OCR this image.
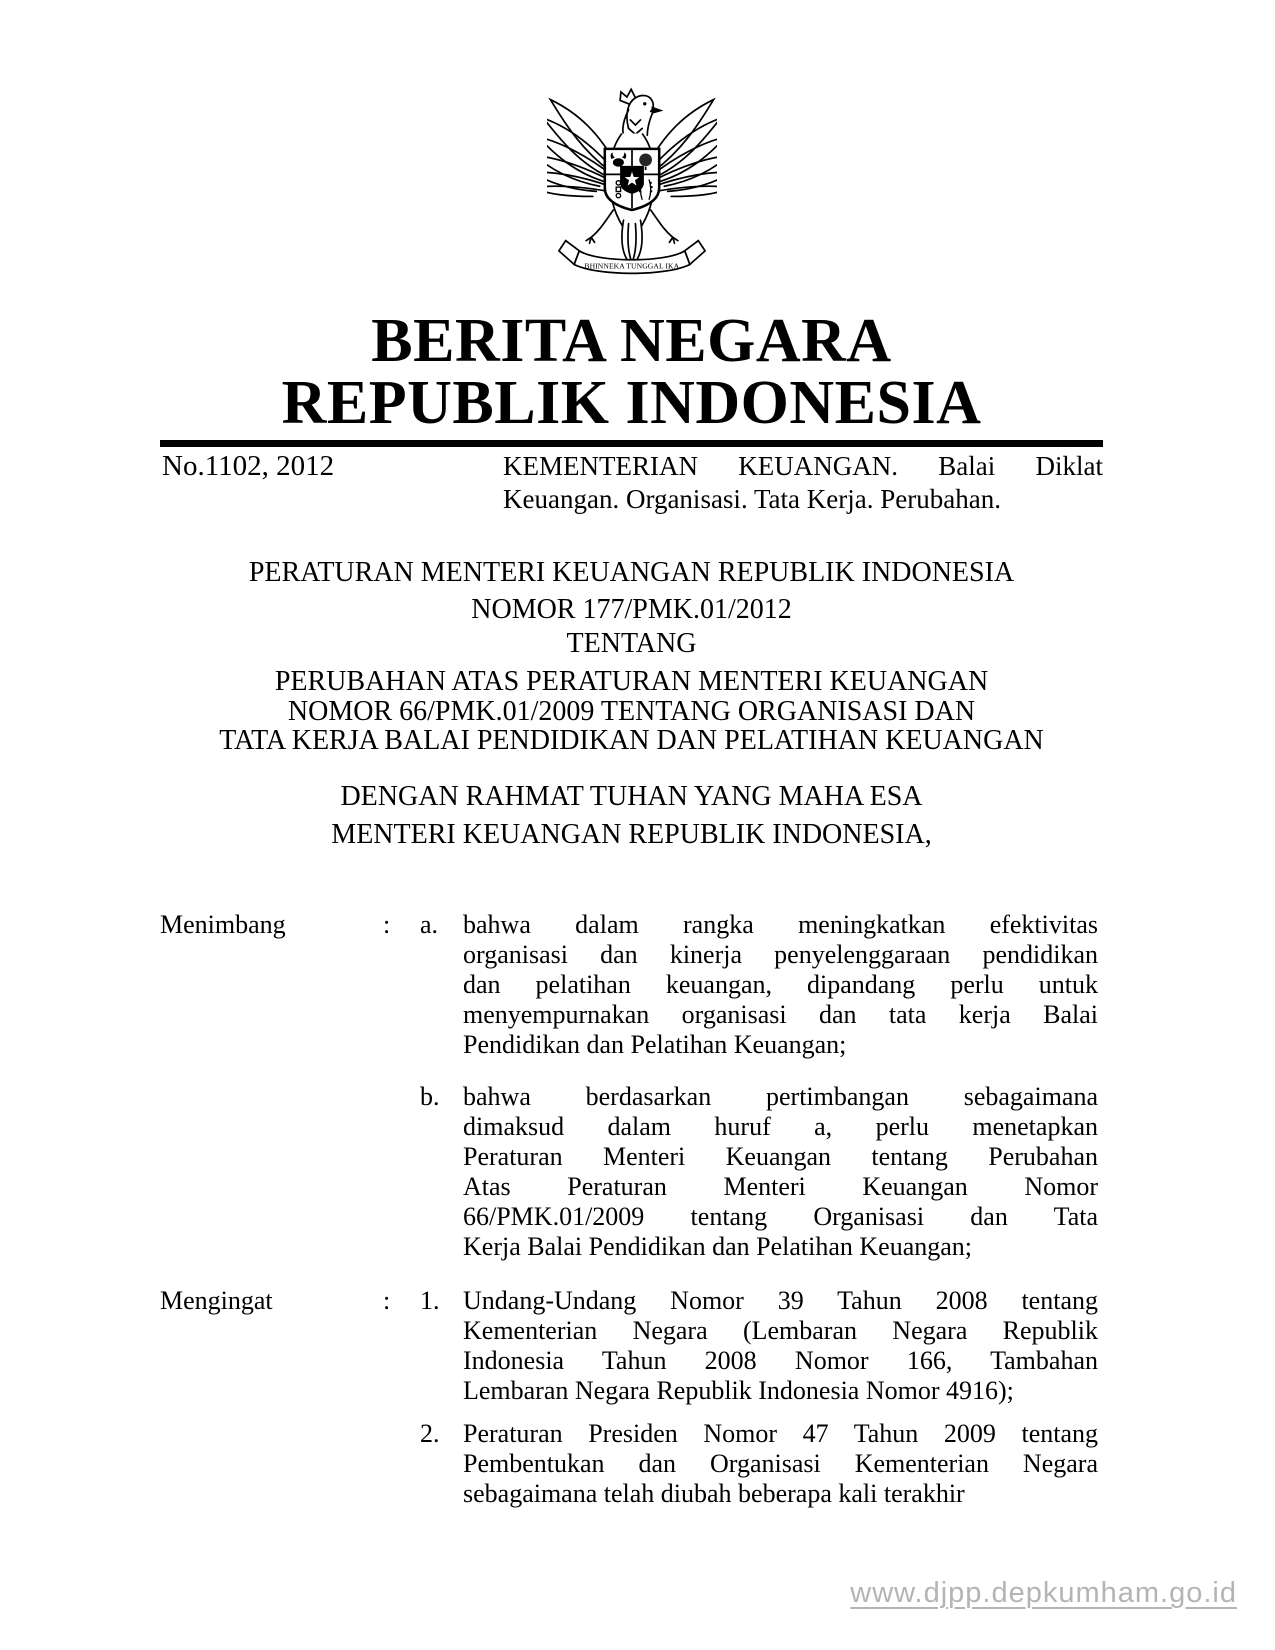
BHINNEKA TUNGGAL IKA
BERITA NEGARA
REPUBLIK INDONESIA
No.1102, 2012	KEMENTERIAN KEUANGAN. Balai Diklat
Keuangan. Organisasi. Tata Kerja. Perubahan.
PERATURAN MENTERI KEUANGAN REPUBLIK INDONESIA
NOMOR 177/PMK.01/2012
TENTANG
PERUBAHAN ATAS PERATURAN MENTERI KEUANGAN
NOMOR 66/PMK.01/2009 TENTANG ORGANISASI DAN
TATA KERJA BALAI PENDIDIKAN DAN PELATIHAN KEUANGAN
DENGAN RAHMAT TUHAN YANG MAHA ESA
MENTERI KEUANGAN REPUBLIK INDONESIA,
Menimbang	:	a. bahwa dalam rangka meningkatkan efektivitas
organisasi dan kinerja penyelenggaraan pendidikan
dan pelatihan keuangan, dipandang perlu untuk
menyempurnakan organisasi dan tata kerja Balai
Pendidikan dan Pelatihan Keuangan;
b. bahwa berdasarkan pertimbangan sebagaimana
dimaksud dalam huruf a, perlu menetapkan
Peraturan Menteri Keuangan tentang Perubahan
Atas Peraturan Menteri Keuangan Nomor
66/PMK.01/2009 tentang Organisasi dan Tata
Kerja Balai Pendidikan dan Pelatihan Keuangan;
Mengingat	:	1. Undang-Undang Nomor 39 Tahun 2008 tentang
Kementerian Negara (Lembaran Negara Republik
Indonesia Tahun 2008 Nomor 166, Tambahan
Lembaran Negara Republik Indonesia Nomor 4916);
2. Peraturan Presiden Nomor 47 Tahun 2009 tentang
Pembentukan dan Organisasi Kementerian Negara
sebagaimana telah diubah beberapa kali terakhir
www.djpp.depkumham.go.id
